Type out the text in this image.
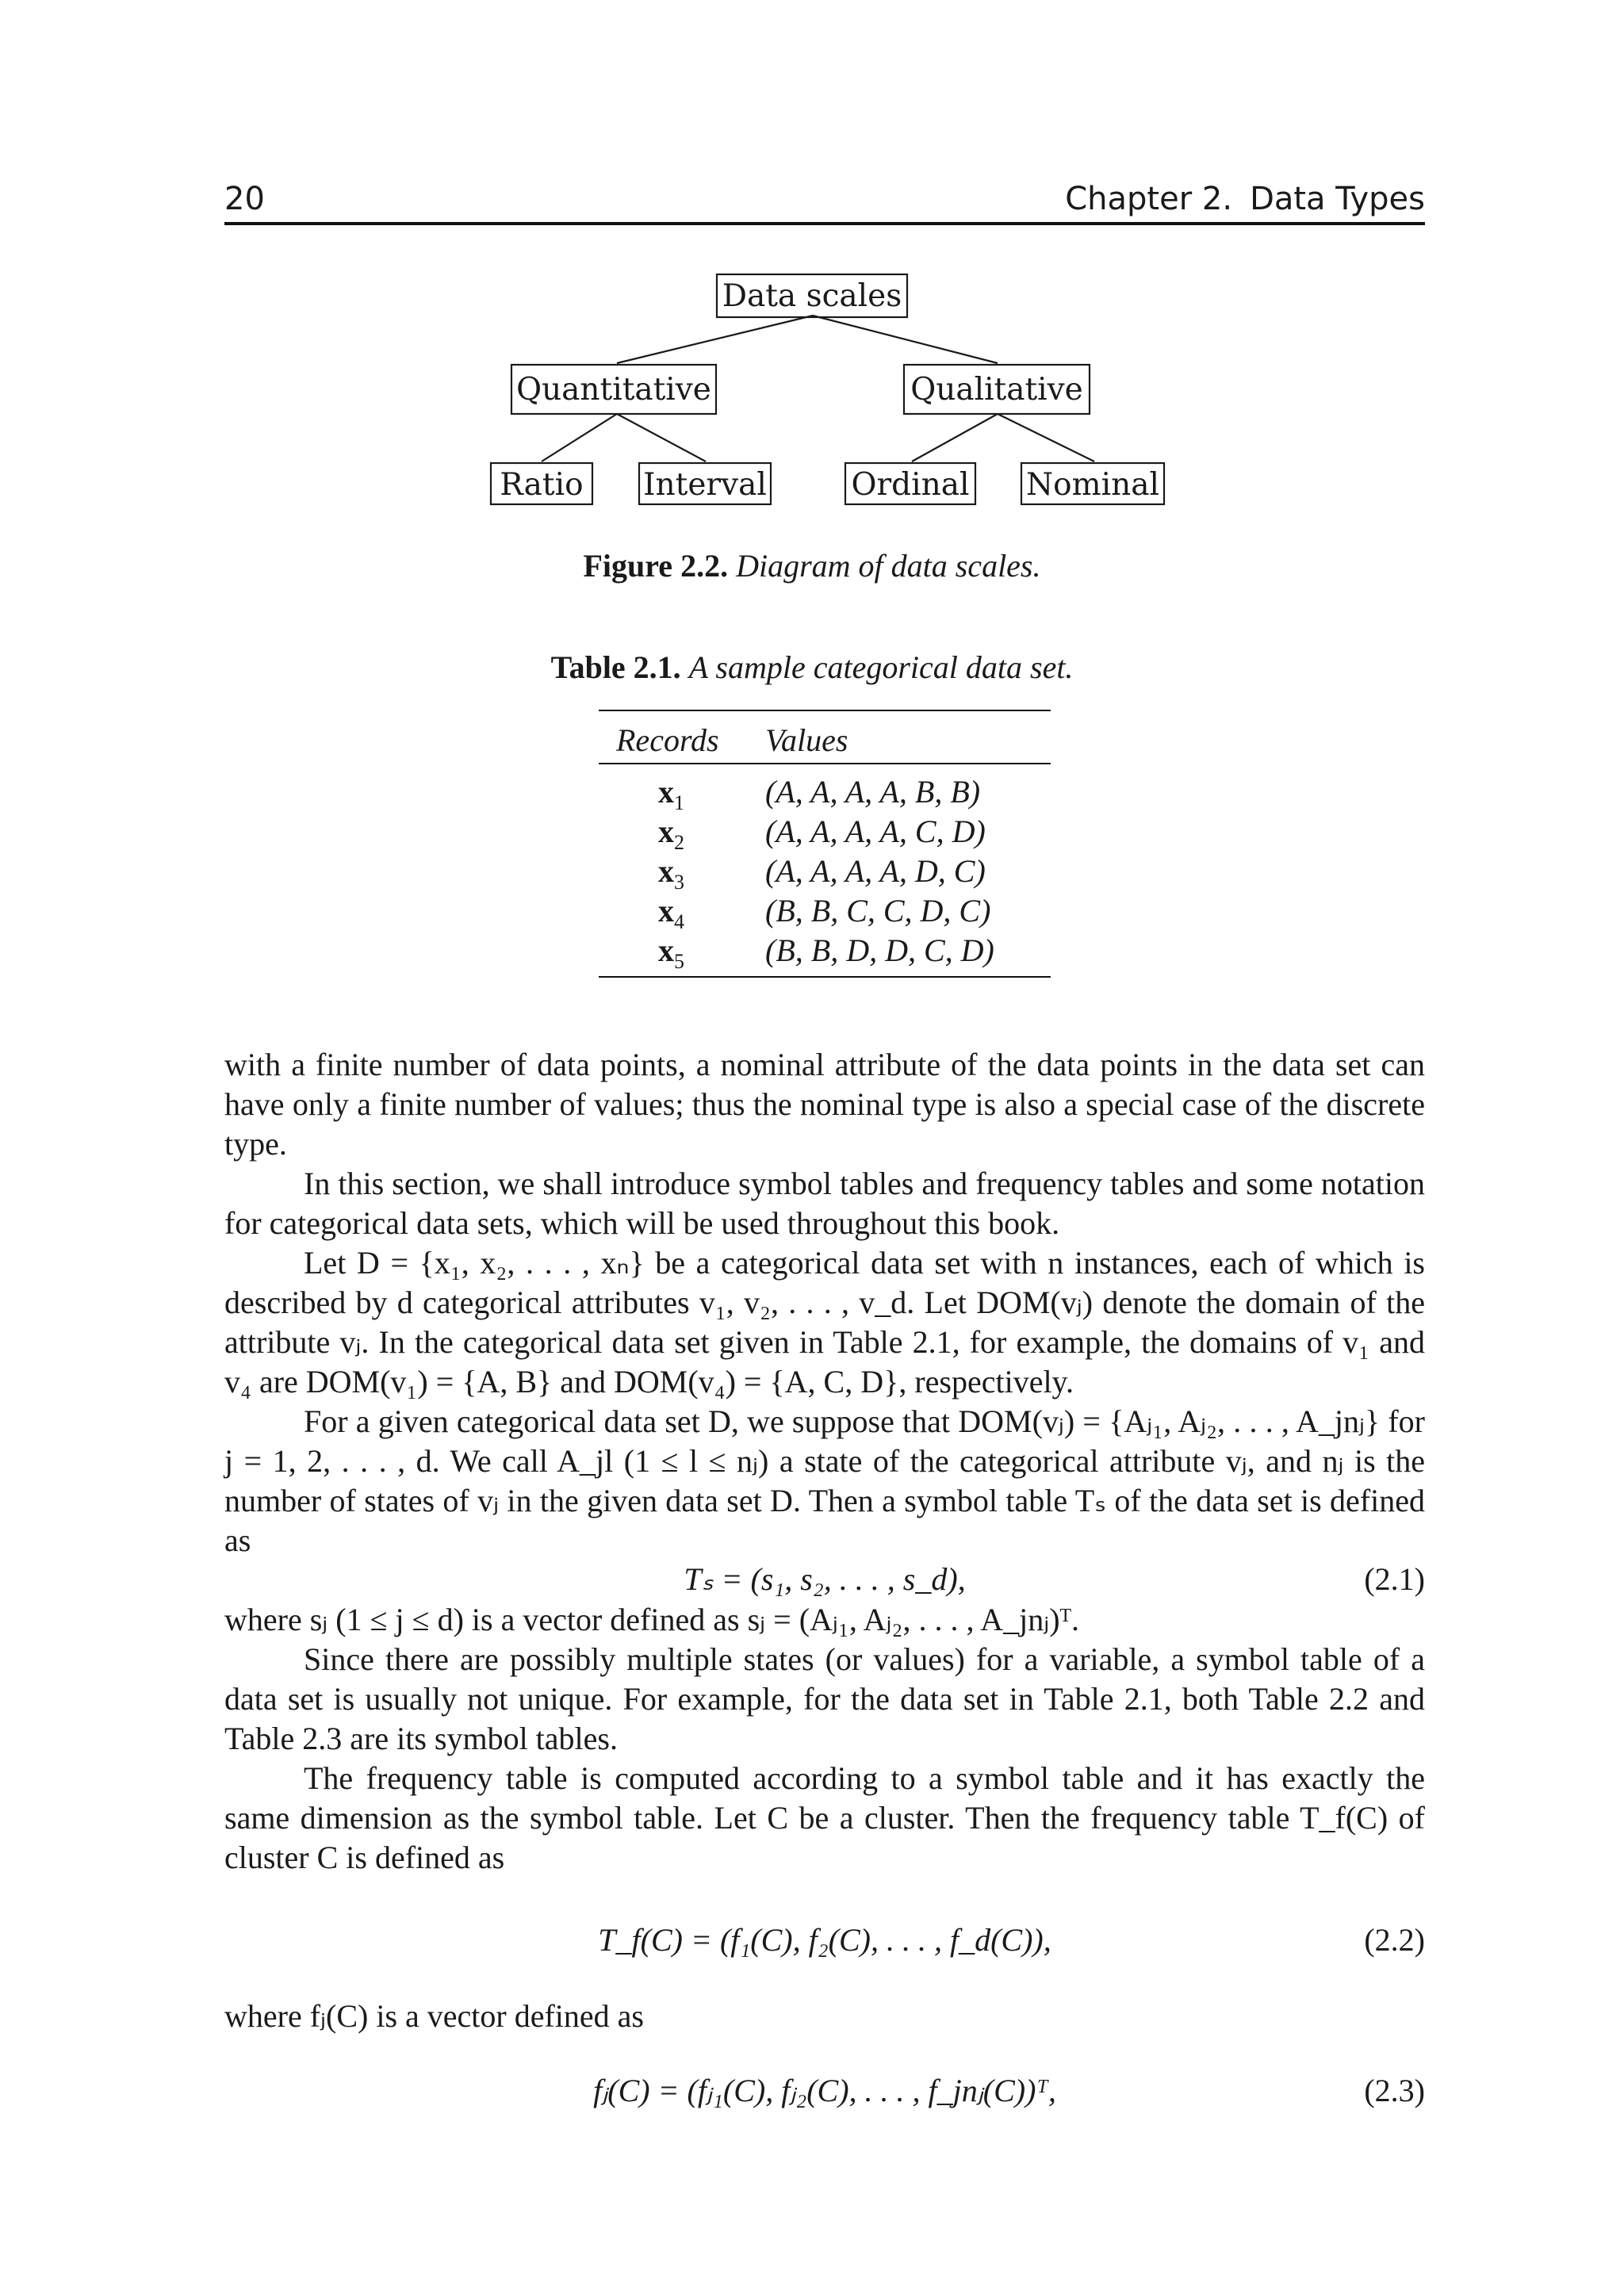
20	Chapter 2. Data Types
Data scales
Quantitative	Qualitative
Ratio Interval	Ordinal Nominal
Figure 2.2. Diagram of data scales.
Table 2.1. A sample categorical data set.
Records Values
$x_1$	(A, A, A, A, B, B)
$x_2$	(A, A, A, A, C, D)
$x_3$	(A, A, A, A, D, C)
$x_4$	(B, B, C, C, D, C)
$x_5$	(B, B, D, D, C, D)

with a finite number of data points, a nominal attribute of the data points in the data set can have only a finite number of values; thus the nominal type is also a special case of the discrete type.

In this section, we shall introduce symbol tables and frequency tables and some notation for categorical data sets, which will be used throughout this book.

Let D = {x₁, x₂, . . . , xₙ} be a categorical data set with n instances, each of which is described by d categorical attributes v₁, v₂, . . . , v_d. Let DOM(vⱼ) denote the domain of the attribute vⱼ. In the categorical data set given in Table 2.1, for example, the domains of v₁ and v₄ are DOM(v₁) = {A, B} and DOM(v₄) = {A, C, D}, respectively.

For a given categorical data set D, we suppose that DOM(vⱼ) = {Aⱼ₁, Aⱼ₂, . . . , A_jnⱼ} for j = 1, 2, . . . , d. We call A_jl (1 ≤ l ≤ nⱼ) a state of the categorical attribute vⱼ, and nⱼ is the number of states of vⱼ in the given data set D. Then a symbol table Tₛ of the data set is defined as

Tₛ = (s₁, s₂, . . . , s_d),	(2.1)

where sⱼ (1 ≤ j ≤ d) is a vector defined as sⱼ = (Aⱼ₁, Aⱼ₂, . . . , A_jnⱼ)ᵀ.

Since there are possibly multiple states (or values) for a variable, a symbol table of a data set is usually not unique. For example, for the data set in Table 2.1, both Table 2.2 and Table 2.3 are its symbol tables.

The frequency table is computed according to a symbol table and it has exactly the same dimension as the symbol table. Let C be a cluster. Then the frequency table T_f(C) of cluster C is defined as

T_f(C) = (f₁(C), f₂(C), . . . , f_d(C)),	(2.2)

where fⱼ(C) is a vector defined as

fⱼ(C) = (fⱼ₁(C), fⱼ₂(C), . . . , f_jnⱼ(C))ᵀ,	(2.3)
